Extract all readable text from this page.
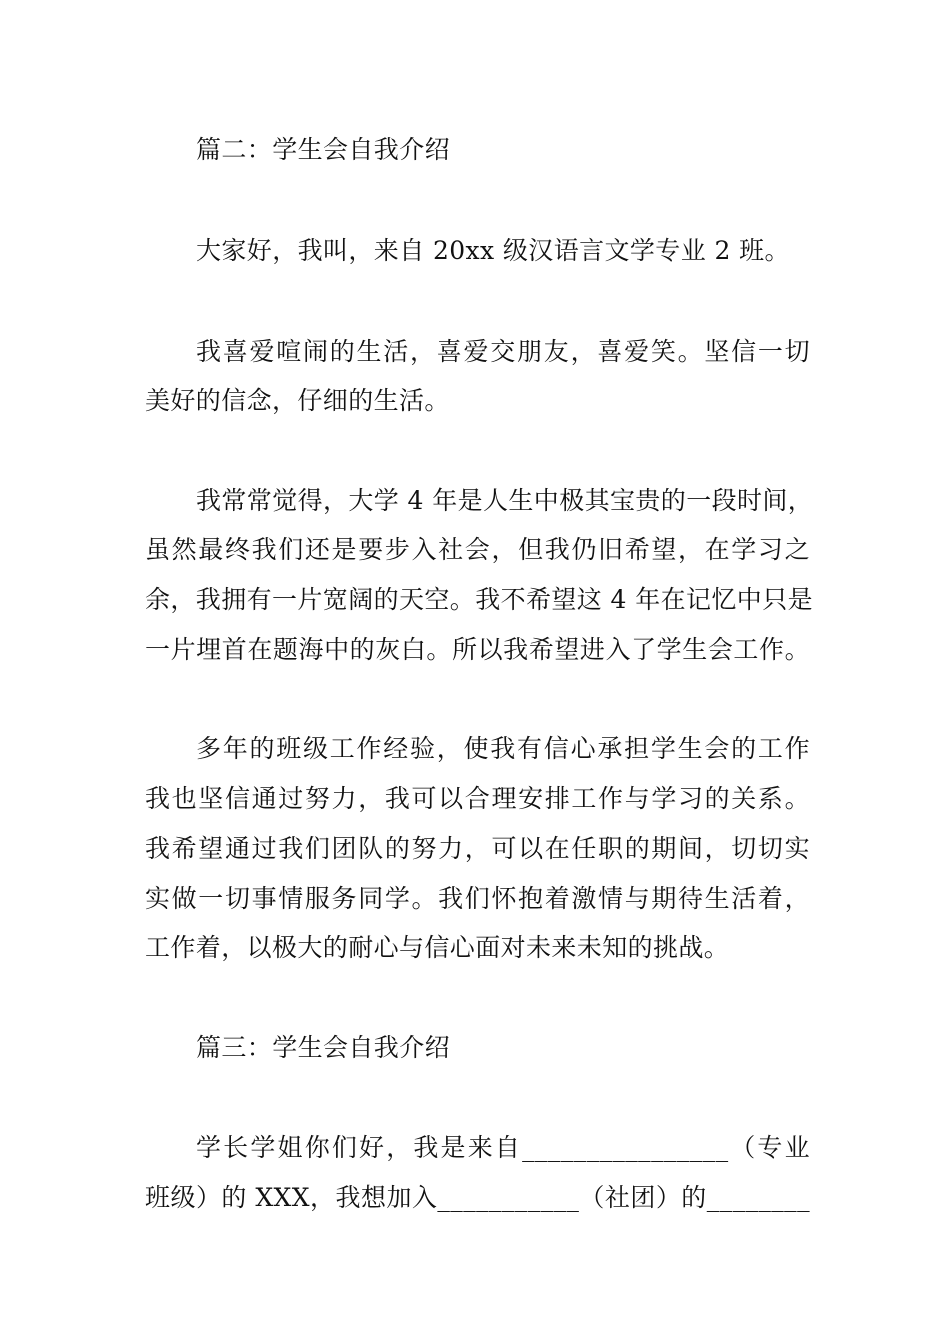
篇二：学生会自我介绍
大家好，我叫，来自 20xx 级汉语言文学专业 2 班。
我喜爱喧闹的生活，喜爱交朋友，喜爱笑。坚信一切
美好的信念，仔细的生活。
我常常觉得，大学 4 年是人生中极其宝贵的一段时间，
虽然最终我们还是要步入社会，但我仍旧希望，在学习之
余，我拥有一片宽阔的天空。我不希望这 4 年在记忆中只是
一片埋首在题海中的灰白。所以我希望进入了学生会工作。
多年的班级工作经验，使我有信心承担学生会的工作
我也坚信通过努力，我可以合理安排工作与学习的关系。
我希望通过我们团队的努力，可以在任职的期间，切切实
实做一切事情服务同学。我们怀抱着激情与期待生活着，
工作着，以极大的耐心与信心面对未来未知的挑战。
篇三：学生会自我介绍
学长学姐你们好，我是来自________________（专业
班级）的 XXX，我想加入___________（社团）的________
